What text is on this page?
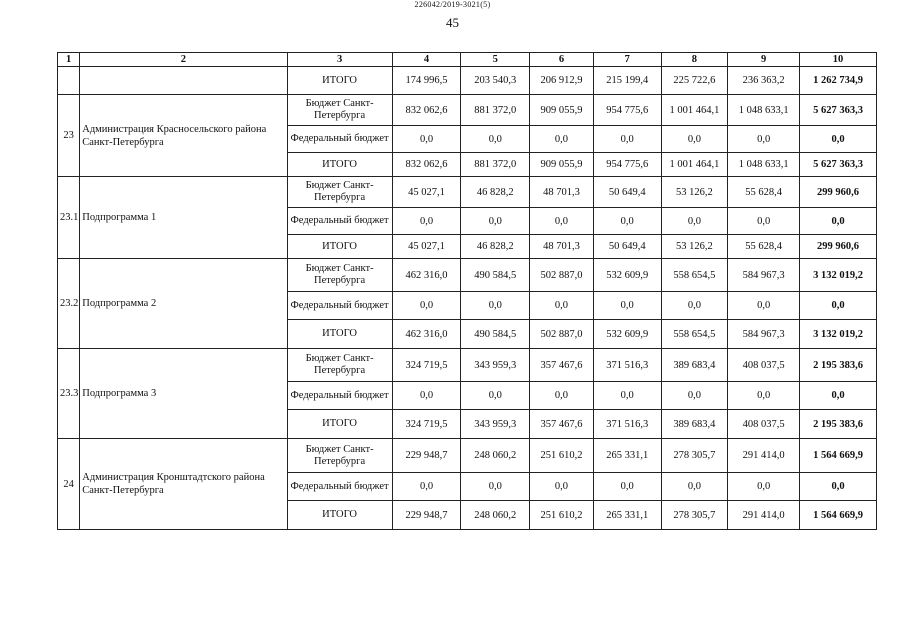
226042/2019-3021(5)
45
1	2	3	4	5	6	7	8	9	10
		ИТОГО	174 996,5	203 540,3	206 912,9	215 199,4	225 722,6	236 363,2	1 262 734,9
23	Администрация Красносельского района Санкт-Петербурга	Бюджет Санкт-Петербурга	832 062,6	881 372,0	909 055,9	954 775,6	1 001 464,1	1 048 633,1	5 627 363,3
		Федеральный бюджет	0,0	0,0	0,0	0,0	0,0	0,0	0,0
		ИТОГО	832 062,6	881 372,0	909 055,9	954 775,6	1 001 464,1	1 048 633,1	5 627 363,3
23.1	Подпрограмма 1	Бюджет Санкт-Петербурга	45 027,1	46 828,2	48 701,3	50 649,4	53 126,2	55 628,4	299 960,6
		Федеральный бюджет	0,0	0,0	0,0	0,0	0,0	0,0	0,0
		ИТОГО	45 027,1	46 828,2	48 701,3	50 649,4	53 126,2	55 628,4	299 960,6
23.2	Подпрограмма 2	Бюджет Санкт-Петербурга	462 316,0	490 584,5	502 887,0	532 609,9	558 654,5	584 967,3	3 132 019,2
		Федеральный бюджет	0,0	0,0	0,0	0,0	0,0	0,0	0,0
		ИТОГО	462 316,0	490 584,5	502 887,0	532 609,9	558 654,5	584 967,3	3 132 019,2
23.3	Подпрограмма 3	Бюджет Санкт-Петербурга	324 719,5	343 959,3	357 467,6	371 516,3	389 683,4	408 037,5	2 195 383,6
		Федеральный бюджет	0,0	0,0	0,0	0,0	0,0	0,0	0,0
		ИТОГО	324 719,5	343 959,3	357 467,6	371 516,3	389 683,4	408 037,5	2 195 383,6
24	Администрация Кронштадтского района Санкт-Петербурга	Бюджет Санкт-Петербурга	229 948,7	248 060,2	251 610,2	265 331,1	278 305,7	291 414,0	1 564 669,9
		Федеральный бюджет	0,0	0,0	0,0	0,0	0,0	0,0	0,0
		ИТОГО	229 948,7	248 060,2	251 610,2	265 331,1	278 305,7	291 414,0	1 564 669,9
